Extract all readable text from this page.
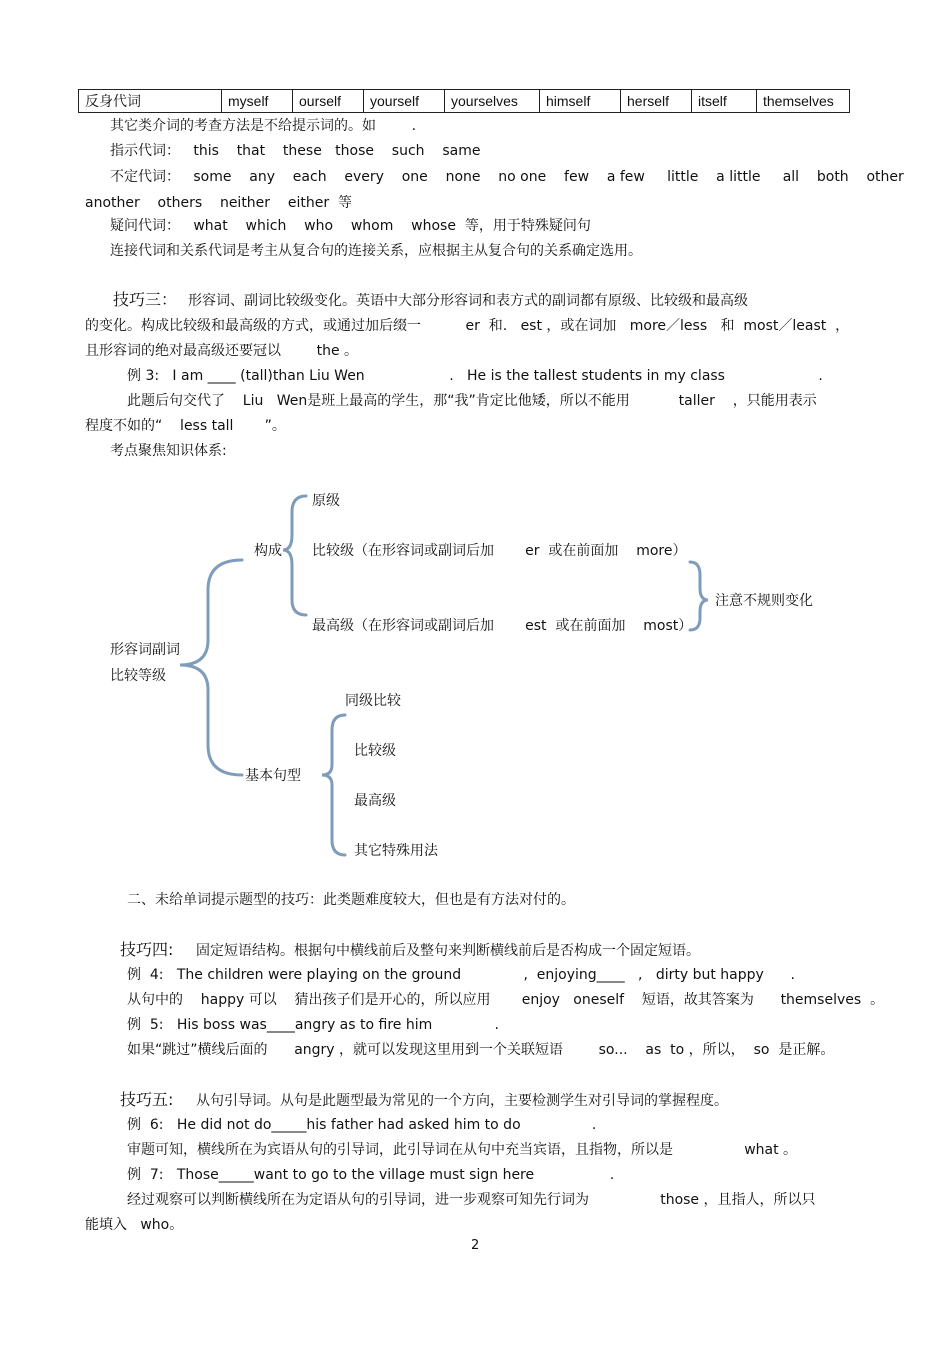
反身代词	myself	ourself	yourself	yourselves	himself	herself	itself	themselves
其它类介词的考查方法是不给提示词的。如        .
指示代词：   this    that    these   those    such    same
不定代词：   some    any    each    every    one    none    no one    few    a few     little    a little     all    both    other
another    others    neither    either  等
疑问代词：   what    which    who    whom    whose  等，用于特殊疑问句
连接代词和关系代词是考主从复合句的连接关系，应根据主从复合句的关系确定选用。
技巧三： 形容词、副词比较级变化。英语中大部分形容词和表方式的副词都有原级、比较级和最高级
的变化。构成比较级和最高级的方式，或通过加后缀一          er  和.   est ，或在词加   more／less   和  most／least  ，
且形容词的绝对最高级还要冠以        the 。
例 3:   I am ____ (tall)than Liu Wen                   .   He is the tallest students in my class                     .
此题后句交代了    Liu   Wen是班上最高的学生，那“我”肯定比他矮，所以不能用           taller    ，只能用表示
程度不如的“    less tall       ”。
考点聚焦知识体系:
原级
构成 比较级（在形容词或副词后加       er  或在前面加    more）
注意不规则变化
最高级（在形容词或副词后加       est  或在前面加    most）
形容词副词
比较等级
同级比较
比较级
基本句型
最高级
其它特殊用法
二、未给单词提示题型的技巧：此类题难度较大，但也是有方法对付的。
技巧四: 固定短语结构。根据句中横线前后及整句来判断横线前后是否构成一个固定短语。
例  4:   The children were playing on the ground              ,  enjoying____   ,   dirty but happy      .
从句中的    happy 可以    猜出孩子们是开心的，所以应用       enjoy   oneself    短语，故其答案为      themselves  。
例  5:   His boss was____angry as to fire him              .
如果“跳过”横线后面的      angry ，就可以发现这里用到一个关联短语        so...    as  to ，所以，  so  是正解。
技巧五: 从句引导词。从句是此题型最为常见的一个方向，主要检测学生对引导词的掌握程度。
例  6:   He did not do_____his father had asked him to do                .
审题可知，横线所在为宾语从句的引导词，此引导词在从句中充当宾语，且指物，所以是                what 。
例  7:   Those_____want to go to the village must sign here                 .
经过观察可以判断横线所在为定语从句的引导词，进一步观察可知先行词为                those ，且指人，所以只
能填入   who。
2
